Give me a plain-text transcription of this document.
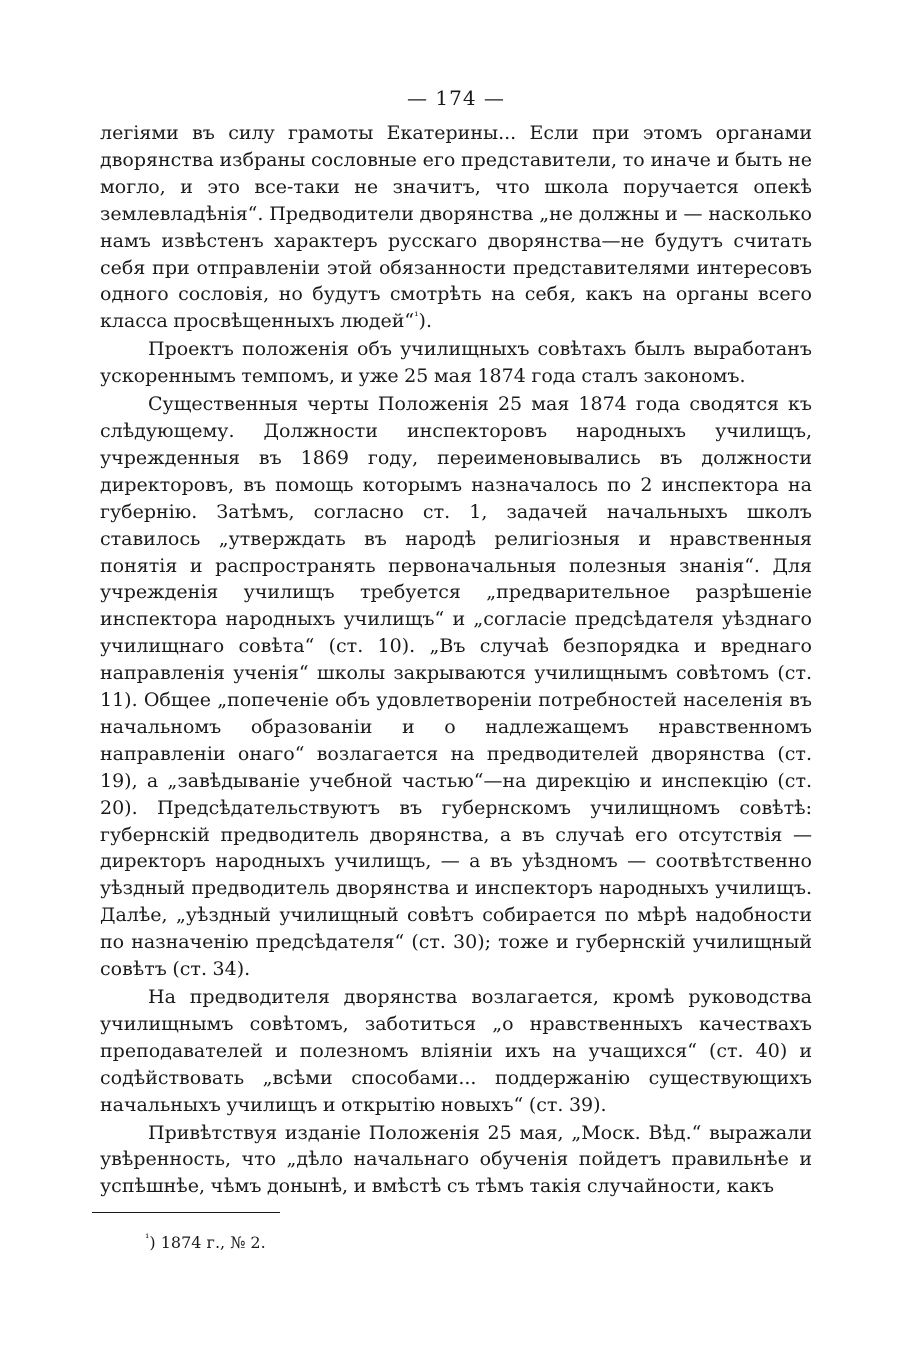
— 174 —

легіями въ силу грамоты Екатерины... Если при этомъ органами дворянства избраны сословные его представители, то иначе и быть не могло, и это все-таки не значитъ, что школа поручается опекѣ землевладѣнія“. Предводители дворянства „не должны и — насколько намъ извѣстенъ характеръ русскаго дворянства—не будутъ считать себя при отправленіи этой обязанности представителями интересовъ одного сословія, но будутъ смотрѣть на себя, какъ на органы всего класса просвѣщенныхъ людей“$^{^1}$).

Проектъ положенія объ училищныхъ совѣтахъ былъ выработанъ ускореннымъ темпомъ, и уже 25 мая 1874 года сталъ закономъ.

Существенныя черты Положенія 25 мая 1874 года сводятся къ слѣдующему. Должности инспекторовъ народныхъ училищъ, учрежденныя въ 1869 году, переименовывались въ должности директоровъ, въ помощь которымъ назначалось по 2 инспектора на губернію. Затѣмъ, согласно ст. 1, задачей начальныхъ школъ ставилось „утверждать въ народѣ религіозныя и нравственныя понятія и распространять первоначальныя полезныя знанія“. Для учрежденія училищъ требуется „предварительное разрѣшеніе инспектора народныхъ училищъ“ и „согласіе предсѣдателя уѣзднаго училищнаго совѣта“ (ст. 10). „Въ случаѣ безпорядка и вреднаго направленія ученія“ школы закрываются училищнымъ совѣтомъ (ст. 11). Общее „попеченіе объ удовлетвореніи потребностей населенія въ начальномъ образованіи и о надлежащемъ нравственномъ направленіи онаго“ возлагается на предводителей дворянства (ст. 19), а „завѣдываніе учебной частью“—на дирекцію и инспекцію (ст. 20). Предсѣдательствуютъ въ губернскомъ училищномъ совѣтѣ: губернскій предводитель дворянства, а въ случаѣ его отсутствія — директоръ народныхъ училищъ, — а въ уѣздномъ — соотвѣтственно уѣздный предводитель дворянства и инспекторъ народныхъ училищъ. Далѣе, „уѣздный училищный совѣтъ собирается по мѣрѣ надобности по назначенію предсѣдателя“ (ст. 30); тоже и губернскій училищный совѣтъ (ст. 34).

На предводителя дворянства возлагается, кромѣ руководства училищнымъ совѣтомъ, заботиться „о нравственныхъ качествахъ преподавателей и полезномъ вліяніи ихъ на учащихся“ (ст. 40) и содѣйствовать „всѣми способами... поддержанію существующихъ начальныхъ училищъ и открытію новыхъ“ (ст. 39).

Привѣтствуя изданіе Положенія 25 мая, „Моск. Вѣд.“ выражали увѣренность, что „дѣло начальнаго обученія пойдетъ правильнѣе и успѣшнѣе, чѣмъ донынѣ, и вмѣстѣ съ тѣмъ такія случайности, какъ

$^{^1}$) 1874 г., № 2.
